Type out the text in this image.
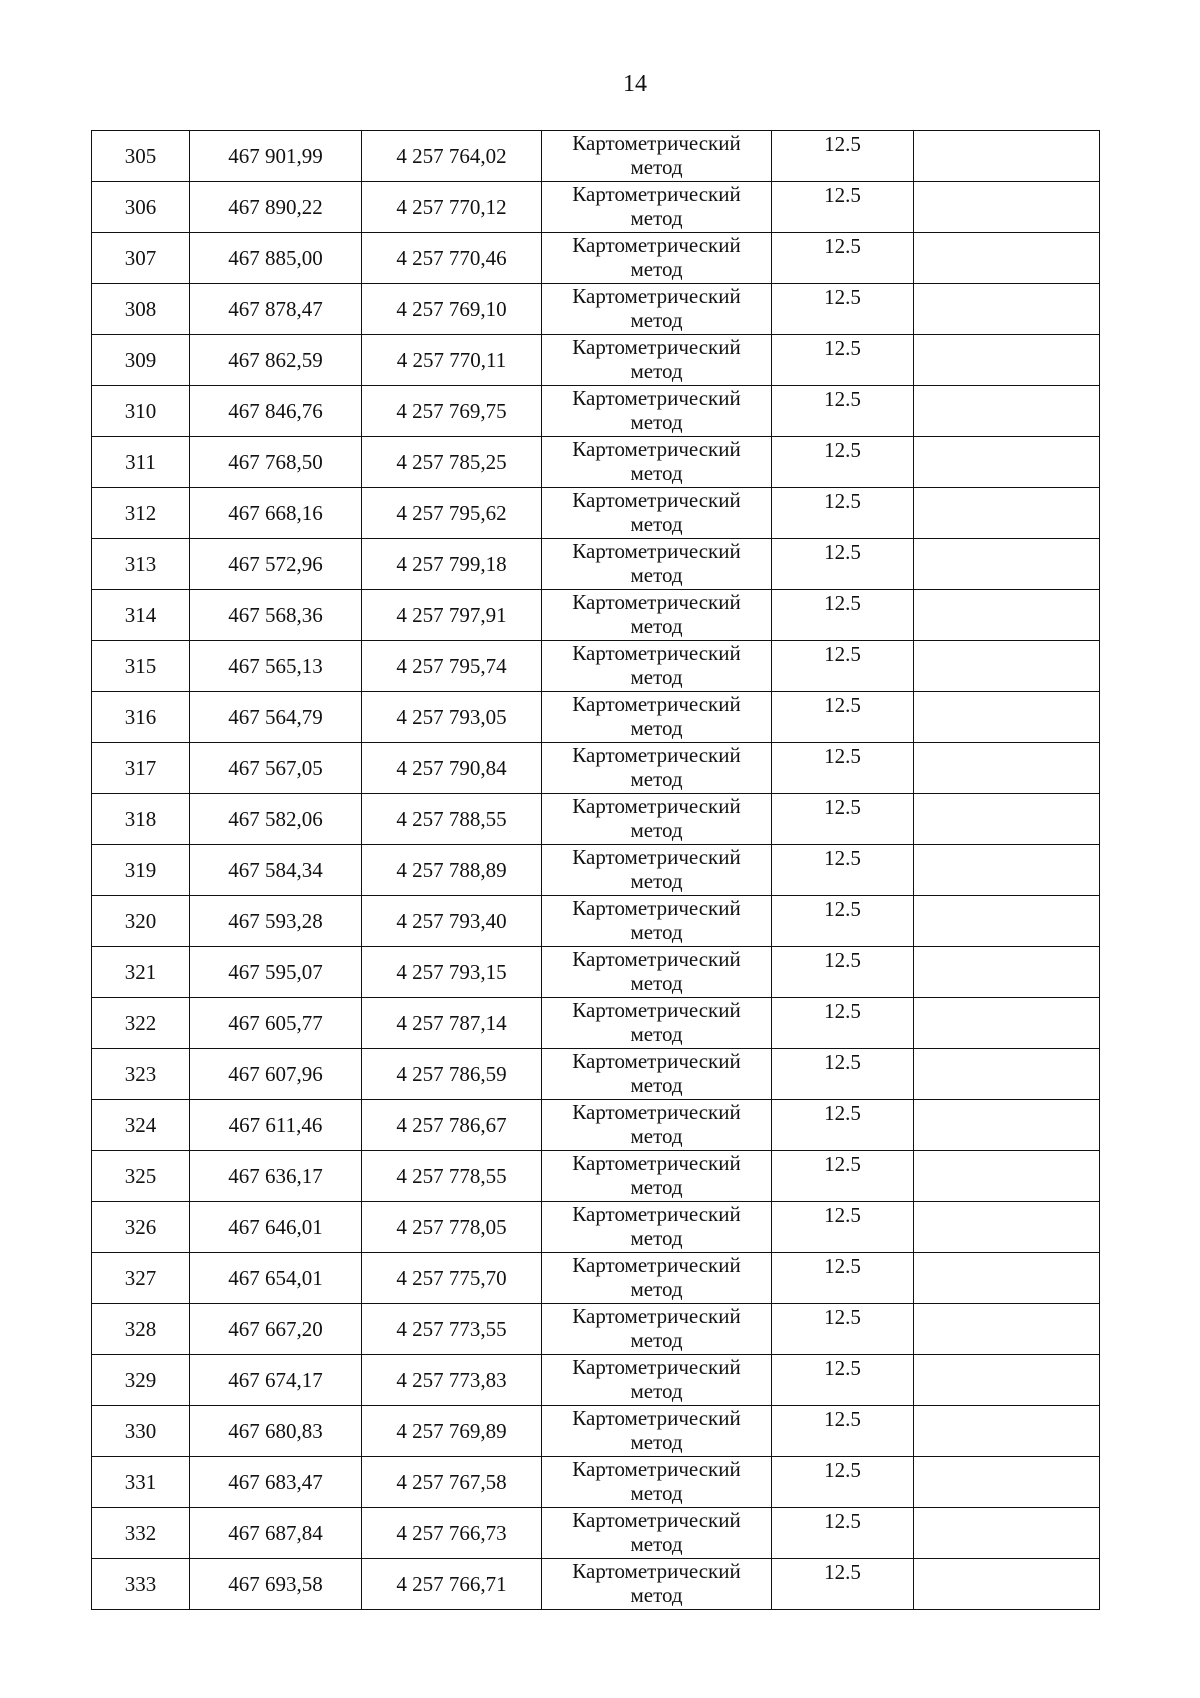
14
305	467 901,99	4 257 764,02	Картометрический
метод	12.5	
306	467 890,22	4 257 770,12	Картометрический
метод	12.5	
307	467 885,00	4 257 770,46	Картометрический
метод	12.5	
308	467 878,47	4 257 769,10	Картометрический
метод	12.5	
309	467 862,59	4 257 770,11	Картометрический
метод	12.5	
310	467 846,76	4 257 769,75	Картометрический
метод	12.5	
311	467 768,50	4 257 785,25	Картометрический
метод	12.5	
312	467 668,16	4 257 795,62	Картометрический
метод	12.5	
313	467 572,96	4 257 799,18	Картометрический
метод	12.5	
314	467 568,36	4 257 797,91	Картометрический
метод	12.5	
315	467 565,13	4 257 795,74	Картометрический
метод	12.5	
316	467 564,79	4 257 793,05	Картометрический
метод	12.5	
317	467 567,05	4 257 790,84	Картометрический
метод	12.5	
318	467 582,06	4 257 788,55	Картометрический
метод	12.5	
319	467 584,34	4 257 788,89	Картометрический
метод	12.5	
320	467 593,28	4 257 793,40	Картометрический
метод	12.5	
321	467 595,07	4 257 793,15	Картометрический
метод	12.5	
322	467 605,77	4 257 787,14	Картометрический
метод	12.5	
323	467 607,96	4 257 786,59	Картометрический
метод	12.5	
324	467 611,46	4 257 786,67	Картометрический
метод	12.5	
325	467 636,17	4 257 778,55	Картометрический
метод	12.5	
326	467 646,01	4 257 778,05	Картометрический
метод	12.5	
327	467 654,01	4 257 775,70	Картометрический
метод	12.5	
328	467 667,20	4 257 773,55	Картометрический
метод	12.5	
329	467 674,17	4 257 773,83	Картометрический
метод	12.5	
330	467 680,83	4 257 769,89	Картометрический
метод	12.5	
331	467 683,47	4 257 767,58	Картометрический
метод	12.5	
332	467 687,84	4 257 766,73	Картометрический
метод	12.5	
333	467 693,58	4 257 766,71	Картометрический
метод	12.5	
